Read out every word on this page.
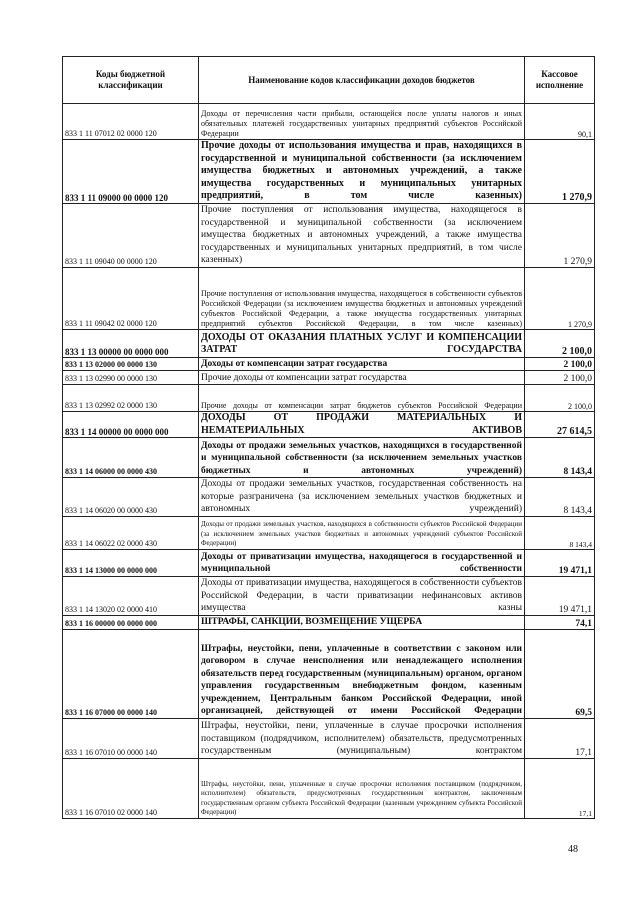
Коды бюджетной классификации	Наименование кодов классификации доходов бюджетов	Кассовое исполнение
833 1 11 07012 02 0000 120	Доходы от перечисления части прибыли, остающейся после уплаты налогов и иных обязательных платежей государственных унитарных предприятий субъектов Российской Федерации	90,1
833 1 11 09000 00 0000 120	Прочие доходы от использования имущества и прав, находящихся в государственной и муниципальной собственности (за исключением имущества бюджетных и автономных учреждений, а также имущества государственных и муниципальных унитарных предприятий, в том числе казенных)	1 270,9
833 1 11 09040 00 0000 120	Прочие поступления от использования имущества, находящегося в государственной и муниципальной собственности (за исключением имущества бюджетных и автономных учреждений, а также имущества государственных и муниципальных унитарных предприятий, в том числе казенных)	1 270,9
833 1 11 09042 02 0000 120	Прочие поступления от использования имущества, находящегося в собственности субъектов Российской Федерации (за исключением имущества бюджетных и автономных учреждений субъектов Российской Федерации, а также имущества государственных унитарных предприятий субъектов Российской Федерации, в том числе казенных)	1 270,9
833 1 13 00000 00 0000 000	ДОХОДЫ ОТ ОКАЗАНИЯ ПЛАТНЫХ УСЛУГ И КОМПЕНСАЦИИ ЗАТРАТ ГОСУДАРСТВА	2 100,0
833 1 13 02000 00 0000 130	Доходы от компенсации затрат государства	2 100,0
833 1 13 02990 00 0000 130	Прочие доходы от компенсации затрат государства	2 100,0
833 1 13 02992 02 0000 130	Прочие доходы от компенсации затрат бюджетов субъектов Российской Федерации	2 100,0
833 1 14 00000 00 0000 000	ДОХОДЫ ОТ ПРОДАЖИ МАТЕРИАЛЬНЫХ И НЕМАТЕРИАЛЬНЫХ АКТИВОВ	27 614,5
833 1 14 06000 00 0000 430	Доходы от продажи земельных участков, находящихся в государственной и муниципальной собственности (за исключением земельных участков бюджетных и автономных учреждений)	8 143,4
833 1 14 06020 00 0000 430	Доходы от продажи земельных участков, государственная собственность на которые разграничена (за исключением земельных участков бюджетных и автономных учреждений)	8 143,4
833 1 14 06022 02 0000 430	Доходы от продажи земельных участков, находящихся в собственности субъектов Российской Федерации (за исключением земельных участков бюджетных и автономных учреждений субъектов Российской Федерации)	8 143,4
833 1 14 13000 00 0000 000	Доходы от приватизации имущества, находящегося в государственной и муниципальной собственности	19 471,1
833 1 14 13020 02 0000 410	Доходы от приватизации имущества, находящегося в собственности субъектов Российской Федерации, в части приватизации нефинансовых активов имущества казны	19 471,1
833 1 16 00000 00 0000 000	ШТРАФЫ, САНКЦИИ, ВОЗМЕЩЕНИЕ УЩЕРБА	74,1
833 1 16 07000 00 0000 140	Штрафы, неустойки, пени, уплаченные в соответствии с законом или договором в случае неисполнения или ненадлежащего исполнения обязательств перед государственным (муниципальным) органом, органом управления государственным внебюджетным фондом, казенным учреждением, Центральным банком Российской Федерации, иной организацией, действующей от имени Российской Федерации	69,5
833 1 16 07010 00 0000 140	Штрафы, неустойки, пени, уплаченные в случае просрочки исполнения поставщиком (подрядчиком, исполнителем) обязательств, предусмотренных государственным (муниципальным) контрактом	17,1
833 1 16 07010 02 0000 140	Штрафы, неустойки, пени, уплаченные в случае просрочки исполнения поставщиком (подрядчиком, исполнителем) обязательств, предусмотренных государственным контрактом, заключенным государственным органом субъекта Российской Федерации (казенным учреждением субъекта Российской Федерации)	17,1
48
